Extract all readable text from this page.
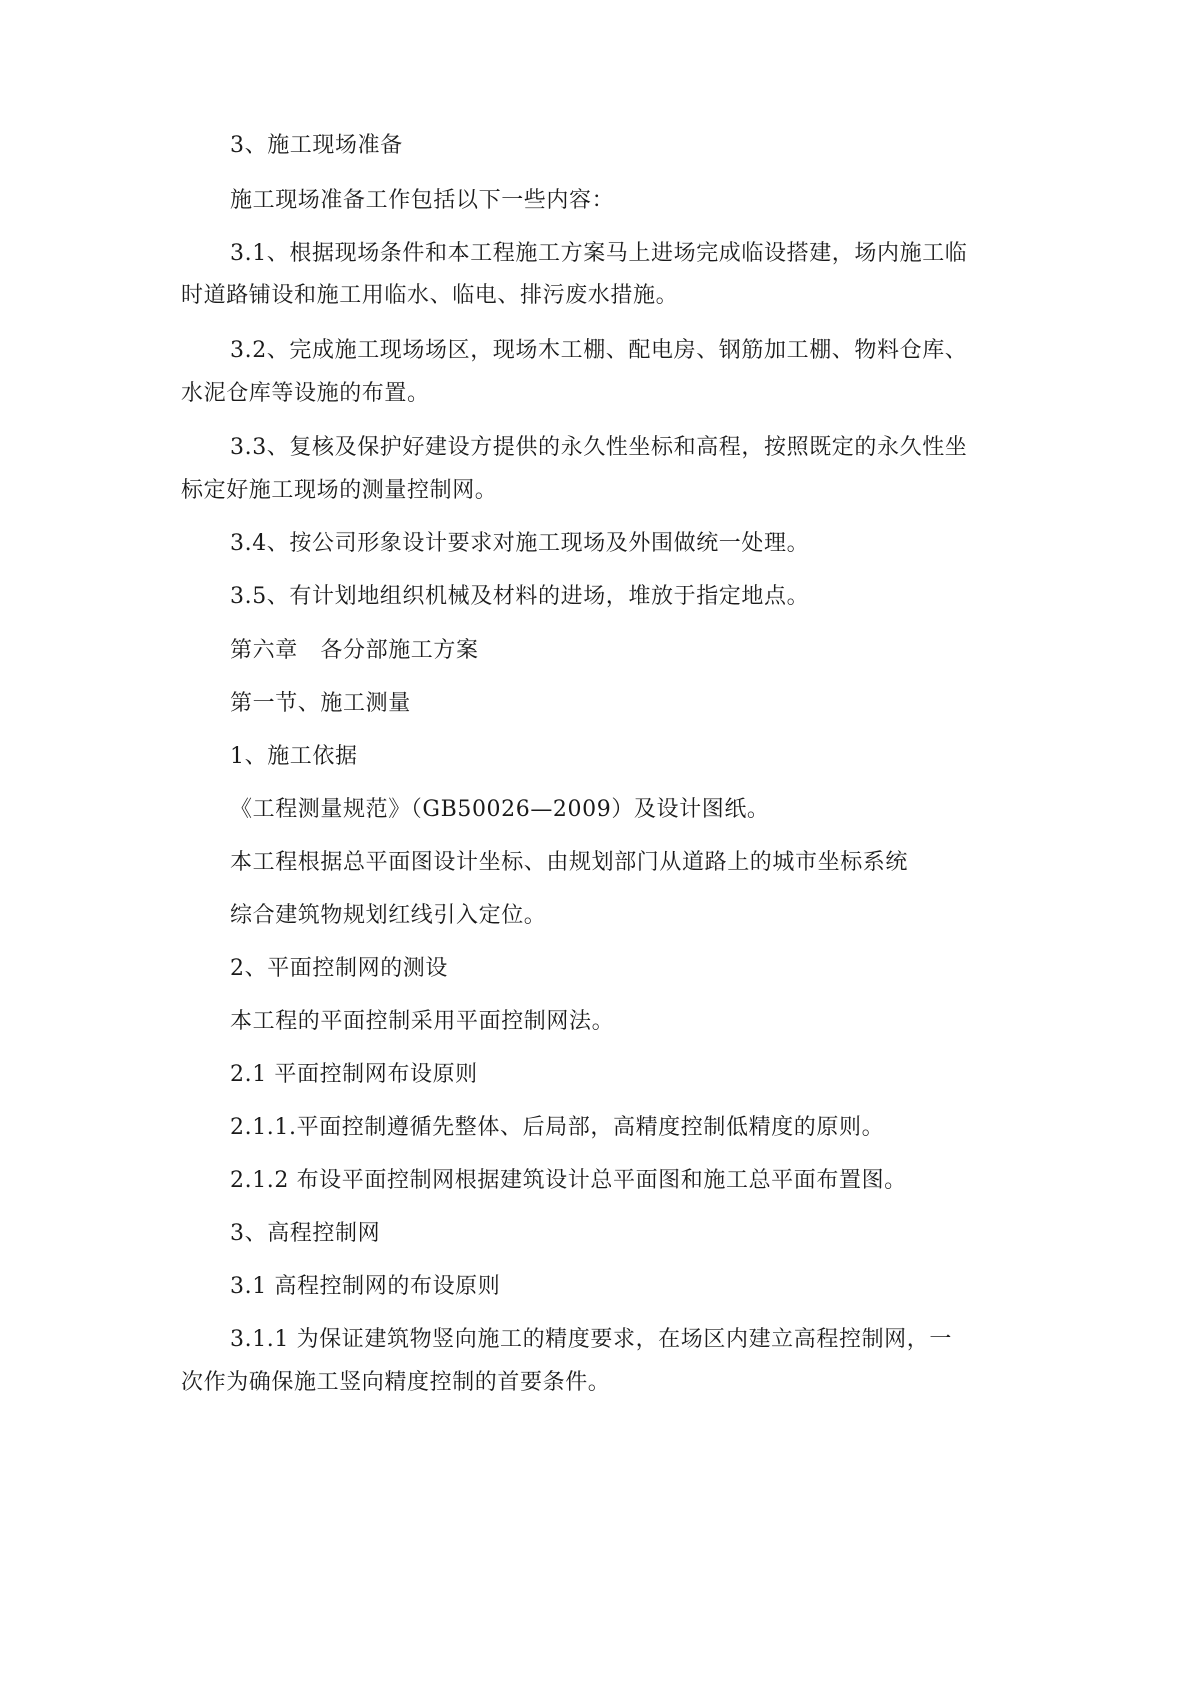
3、施工现场准备
施工现场准备工作包括以下一些内容：
3.1、根据现场条件和本工程施工方案马上进场完成临设搭建，场内施工临
时道路铺设和施工用临水、临电、排污废水措施。
3.2、完成施工现场场区，现场木工棚、配电房、钢筋加工棚、物料仓库、
水泥仓库等设施的布置。
3.3、复核及保护好建设方提供的永久性坐标和高程，按照既定的永久性坐
标定好施工现场的测量控制网。
3.4、按公司形象设计要求对施工现场及外围做统一处理。
3.5、有计划地组织机械及材料的进场，堆放于指定地点。
第六章　各分部施工方案
第一节、施工测量
1、施工依据
《工程测量规范》（GB50026—2009）及设计图纸。
本工程根据总平面图设计坐标、由规划部门从道路上的城市坐标系统
综合建筑物规划红线引入定位。
2、平面控制网的测设
本工程的平面控制采用平面控制网法。
2.1 平面控制网布设原则
2.1.1.平面控制遵循先整体、后局部，高精度控制低精度的原则。
2.1.2 布设平面控制网根据建筑设计总平面图和施工总平面布置图。
3、高程控制网
3.1 高程控制网的布设原则
3.1.1 为保证建筑物竖向施工的精度要求，在场区内建立高程控制网，一
次作为确保施工竖向精度控制的首要条件。
